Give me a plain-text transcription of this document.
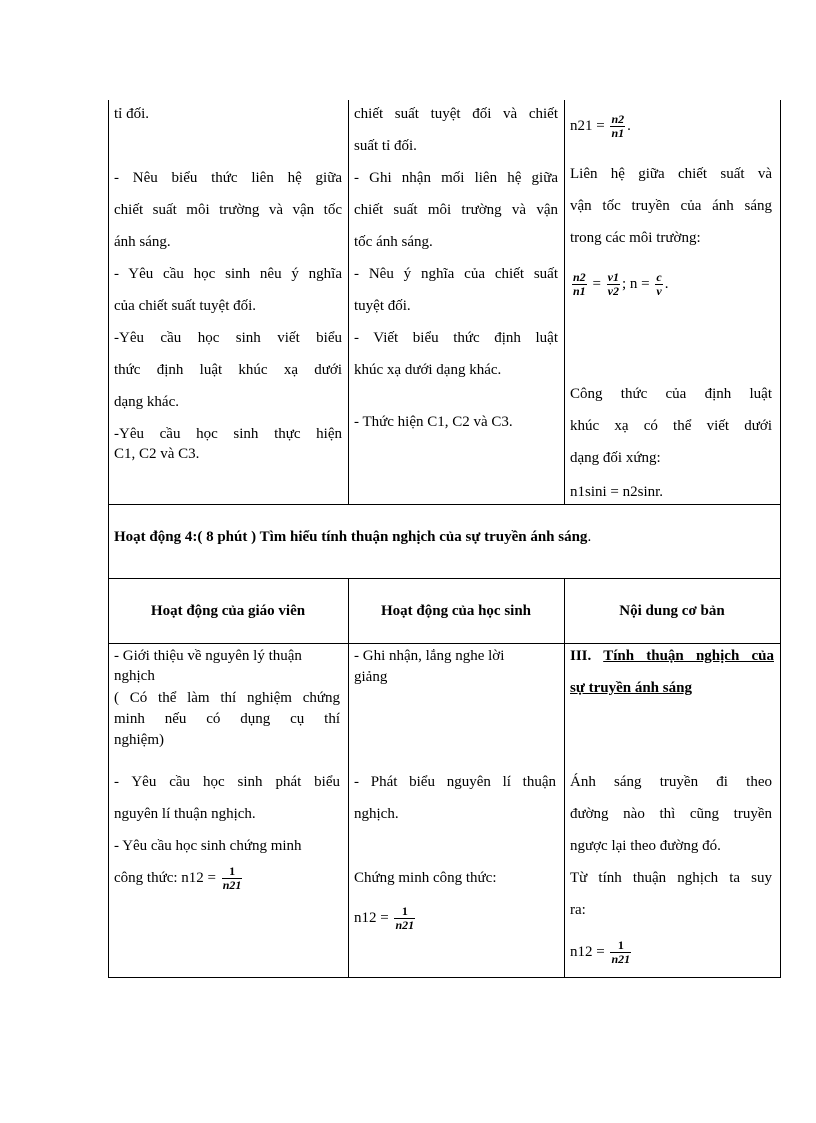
tỉ đối.
- Nêu biểu thức liên hệ giữa
chiết suất môi trường và vận tốc
ánh sáng.
- Yêu cầu học sinh nêu ý nghĩa
của chiết suất tuyệt đối.
-Yêu cầu học sinh viết biểu
thức định luật khúc xạ dưới
dạng khác.
-Yêu cầu học sinh thực hiện
C1, C2 và C3.
chiết suất tuyệt đối và chiết
suất tỉ đối.
- Ghi nhận mối liên hệ giữa
chiết suất môi trường và vận
tốc ánh sáng.
- Nêu ý nghĩa của chiết suất
tuyệt đối.
- Viết biểu thức định luật
khúc xạ dưới dạng khác.
- Thức hiện C1, C2 và C3.
$n21 = \frac{n2}{n1}$ .
Liên hệ giữa chiết suất và
vận tốc truyền của ánh sáng
trong các môi trường:
$\frac{n2}{n1} = \frac{v1}{v2}$ ; $n = \frac{c}{v}$ .
Công thức của định luật
khúc xạ có thể viết dưới
dạng đối xứng:
n1sini = n2sinr.
Hoạt động 4:( 8 phút ) Tìm hiểu tính thuận nghịch của sự truyền ánh sáng.
Hoạt động của giáo viên	Hoạt động của học sinh	Nội dung cơ bản
- Giới thiệu về nguyên lý thuận
nghịch
( Có thể làm thí nghiệm chứng
minh nếu có dụng cụ thí
nghiệm)
- Yêu cầu học sinh phát biểu
nguyên lí thuận nghịch.
- Yêu cầu học sinh chứng minh
công thức: $n12 = \frac{1}{n21}$
- Ghi nhận, lắng nghe lời
giảng
- Phát biểu nguyên lí thuận
nghịch.
Chứng minh công thức:
$n12 = \frac{1}{n21}$
III. Tính thuận nghịch của
sự truyền ánh sáng
Ánh sáng truyền đi theo
đường nào thì cũng truyền
ngược lại theo đường đó.
Từ tính thuận nghịch ta suy
ra:
$n12 = \frac{1}{n21}$
